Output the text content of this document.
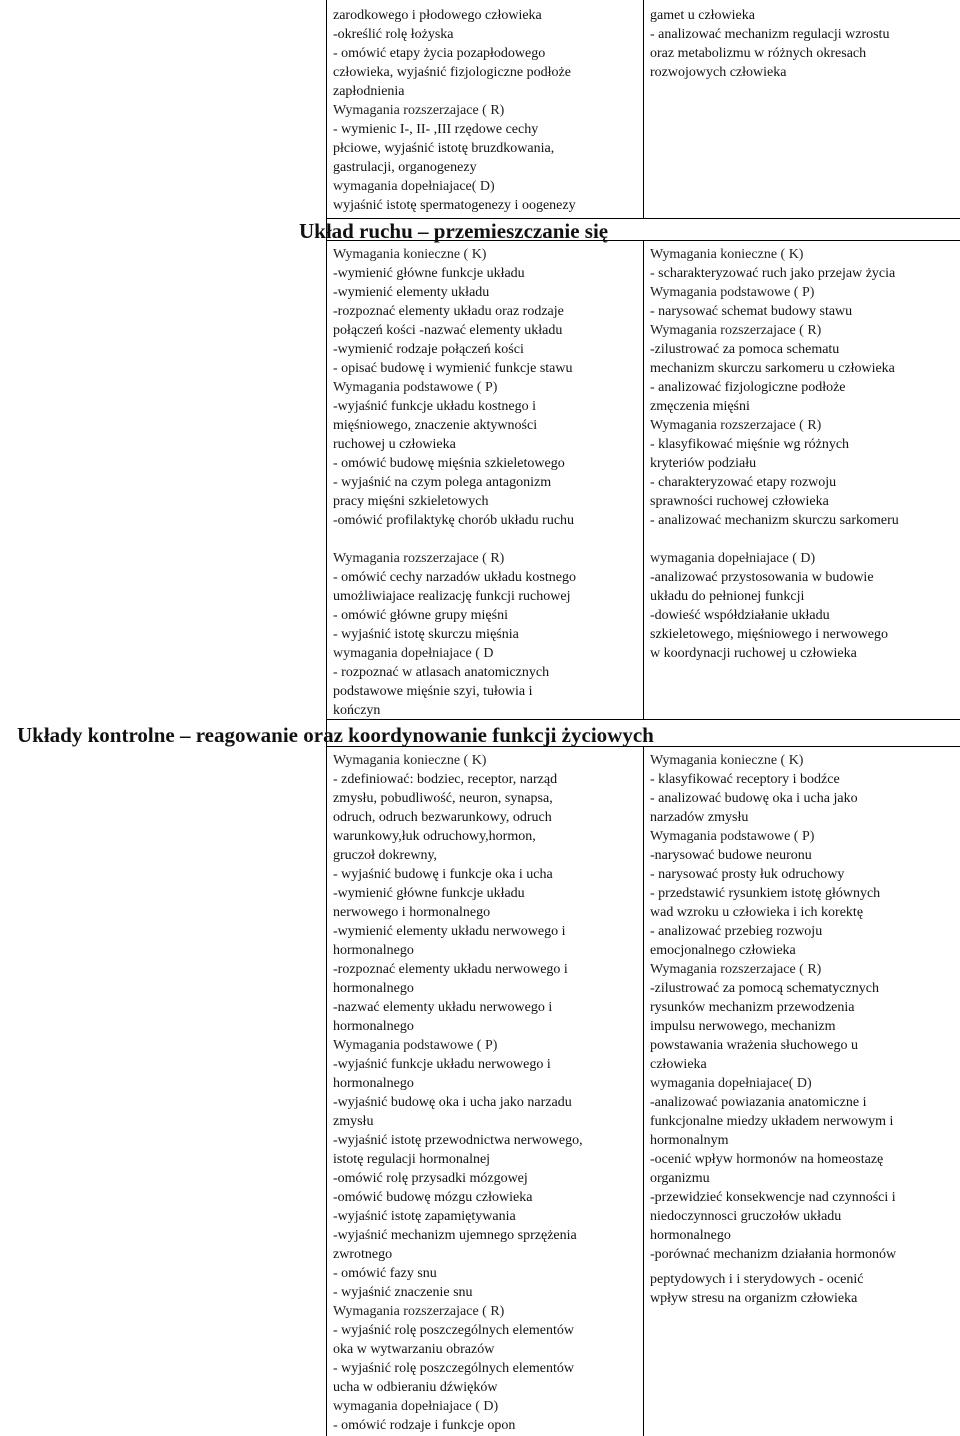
zarodkowego i płodowego człowieka
-określić rolę łożyska
- omówić etapy życia pozapłodowego
człowieka, wyjaśnić fizjologiczne podłoże
zapłodnienia
Wymagania rozszerzajace ( R)
- wymienic I-, II- ,III rzędowe cechy
płciowe, wyjaśnić istotę bruzdkowania,
gastrulacji, organogenezy
wymagania dopełniajace( D)
wyjaśnić istotę spermatogenezy i oogenezy
gamet u człowieka
- analizować mechanizm regulacji wzrostu
oraz metabolizmu w różnych okresach
rozwojowych człowieka
Układ ruchu – przemieszczanie się
Wymagania konieczne ( K)
-wymienić główne funkcje układu
-wymienić elementy układu
-rozpoznać elementy układu oraz rodzaje
połączeń kości -nazwać elementy układu
-wymienić rodzaje połączeń kości
- opisać budowę i wymienić funkcje stawu
Wymagania podstawowe ( P)
-wyjaśnić funkcje układu kostnego i
mięśniowego, znaczenie aktywności
ruchowej u człowieka
- omówić budowę mięśnia szkieletowego
- wyjaśnić na czym polega antagonizm
pracy mięśni szkieletowych
-omówić profilaktykę chorób układu ruchu
Wymagania konieczne ( K)
- scharakteryzować ruch jako przejaw życia
Wymagania podstawowe ( P)
- narysować schemat budowy stawu
Wymagania rozszerzajace ( R)
-zilustrować za pomoca schematu
mechanizm skurczu sarkomeru u człowieka
- analizować fizjologiczne podłoże
zmęczenia mięśni
Wymagania rozszerzajace ( R)
- klasyfikować mięśnie wg różnych
kryteriów podziału
- charakteryzować etapy rozwoju
sprawności ruchowej człowieka
- analizować mechanizm skurczu sarkomeru
Wymagania rozszerzajace ( R)
- omówić cechy narzadów układu kostnego
umożliwiajace realizację funkcji ruchowej
- omówić główne grupy mięśni
- wyjaśnić istotę skurczu mięśnia
wymagania dopełniajace ( D
- rozpoznać w atlasach anatomicznych
podstawowe mięśnie szyi, tułowia i
kończyn
wymagania dopełniajace ( D)
-analizować przystosowania w budowie
układu do pełnionej funkcji
-dowieść współdziałanie układu
szkieletowego, mięśniowego i nerwowego
w koordynacji ruchowej u człowieka
Układy kontrolne – reagowanie oraz koordynowanie funkcji życiowych
Wymagania konieczne ( K)
- zdefiniować: bodziec, receptor, narząd
zmysłu, pobudliwość, neuron, synapsa,
odruch, odruch bezwarunkowy, odruch
warunkowy,łuk odruchowy,hormon,
gruczoł dokrewny,
- wyjaśnić budowę i funkcje oka i ucha
-wymienić główne funkcje układu
nerwowego i hormonalnego
-wymienić elementy układu nerwowego i
hormonalnego
-rozpoznać elementy układu nerwowego i
hormonalnego
-nazwać elementy układu nerwowego i
hormonalnego
Wymagania podstawowe ( P)
-wyjaśnić funkcje układu nerwowego i
hormonalnego
-wyjaśnić budowę oka i ucha jako narzadu
zmysłu
-wyjaśnić istotę przewodnictwa nerwowego,
istotę regulacji hormonalnej
-omówić rolę przysadki mózgowej
-omówić budowę mózgu człowieka
-wyjaśnić istotę zapamiętywania
-wyjaśnić mechanizm ujemnego sprzężenia
zwrotnego
- omówić fazy snu
- wyjaśnić znaczenie snu
Wymagania rozszerzajace ( R)
- wyjaśnić rolę poszczególnych elementów
oka w wytwarzaniu obrazów
- wyjaśnić rolę poszczególnych elementów
ucha w odbieraniu dźwięków
wymagania dopełniajace ( D)
- omówić rodzaje i funkcje opon
Wymagania konieczne ( K)
- klasyfikować receptory i bodźce
- analizować budowę oka i ucha jako
narzadów zmysłu
Wymagania podstawowe ( P)
-narysować budowe neuronu
- narysować prosty łuk odruchowy
- przedstawić rysunkiem istotę głównych
wad wzroku u człowieka i ich korektę
- analizować przebieg rozwoju
emocjonalnego człowieka
Wymagania rozszerzajace ( R)
-zilustrować za pomocą schematycznych
rysunków mechanizm przewodzenia
impulsu nerwowego, mechanizm
powstawania wrażenia słuchowego u
człowieka
wymagania dopełniajace( D)
-analizować powiazania anatomiczne i
funkcjonalne miedzy układem nerwowym i
hormonalnym
-ocenić wpływ hormonów na homeostazę
organizmu
-przewidzieć konsekwencje nad czynności i
niedoczynnosci gruczołów układu
hormonalnego
-porównać mechanizm działania hormonów
peptydowych i i sterydowych - ocenić
wpływ stresu na organizm człowieka
